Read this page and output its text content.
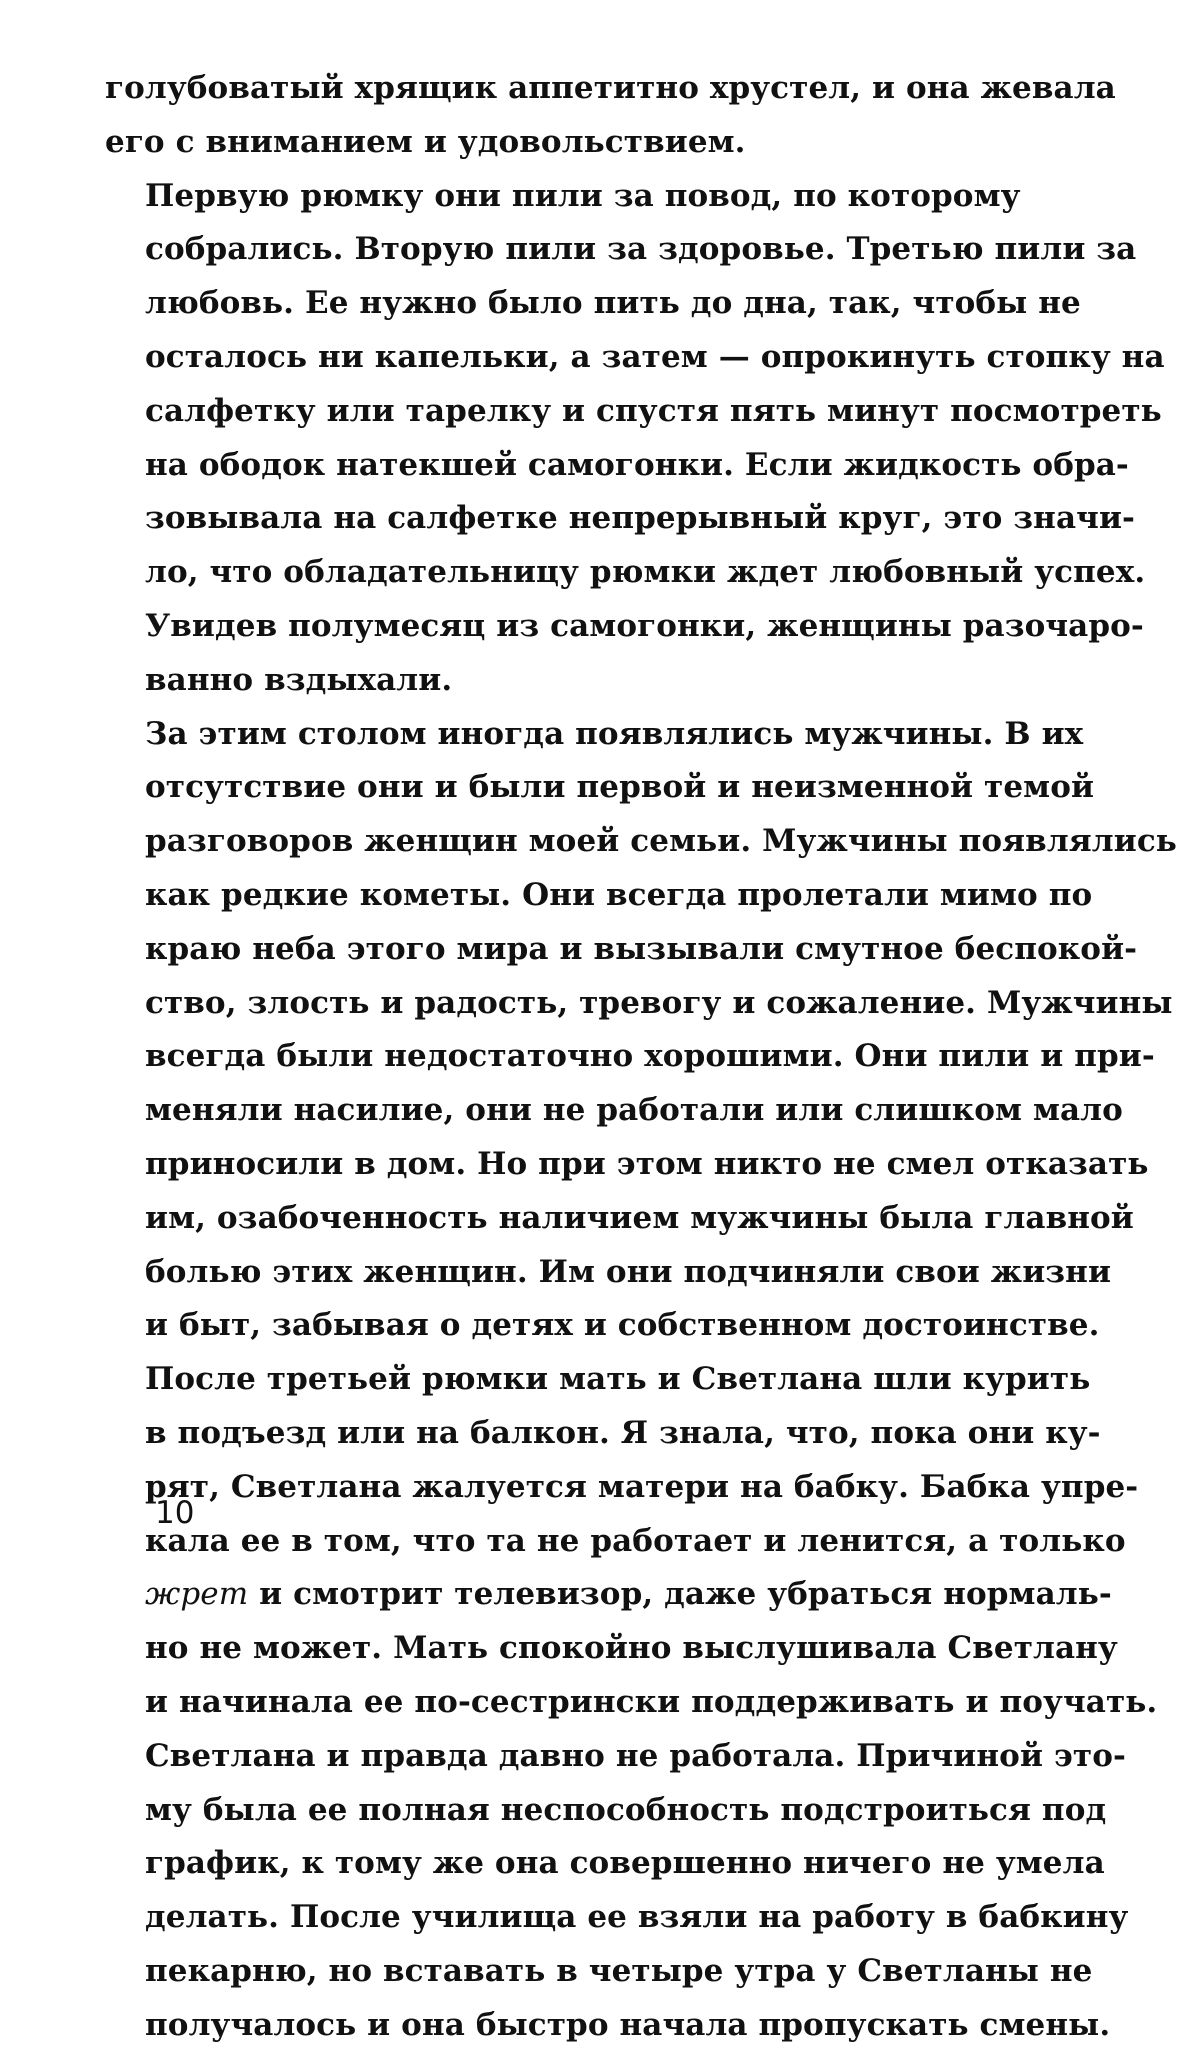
голубоватый хрящик аппетитно хрустел, и она жевала
его с вниманием и удовольствием.

Первую рюмку они пили за повод, по которому
собрались. Вторую пили за здоровье. Третью пили за
любовь. Ее нужно было пить до дна, так, чтобы не
осталось ни капельки, а затем — опрокинуть стопку на
салфетку или тарелку и спустя пять минут посмотреть
на ободок натекшей самогонки. Если жидкость обра-
зовывала на салфетке непрерывный круг, это значи-
ло, что обладательницу рюмки ждет любовный успех.
Увидев полумесяц из самогонки, женщины разочаро-
ванно вздыхали.

За этим столом иногда появлялись мужчины. В их
отсутствие они и были первой и неизменной темой
разговоров женщин моей семьи. Мужчины появлялись
как редкие кометы. Они всегда пролетали мимо по
краю неба этого мира и вызывали смутное беспокой-
ство, злость и радость, тревогу и сожаление. Мужчины
всегда были недостаточно хорошими. Они пили и при-
меняли насилие, они не работали или слишком мало
приносили в дом. Но при этом никто не смел отказать
им, озабоченность наличием мужчины была главной
болью этих женщин. Им они подчиняли свои жизни
и быт, забывая о детях и собственном достоинстве.

После третьей рюмки мать и Светлана шли курить
в подъезд или на балкон. Я знала, что, пока они ку-
рят, Светлана жалуется матери на бабку. Бабка упре-
кала ее в том, что та не работает и ленится, а только
жрет и смотрит телевизор, даже убраться нормаль-
но не может. Мать спокойно выслушивала Светлану
и начинала ее по-сестрински поддерживать и поучать.
Светлана и правда давно не работала. Причиной это-
му была ее полная неспособность подстроиться под
график, к тому же она совершенно ничего не умела
делать. После училища ее взяли на работу в бабкину
пекарню, но вставать в четыре утра у Светланы не
получалось и она быстро начала пропускать смены.

10
